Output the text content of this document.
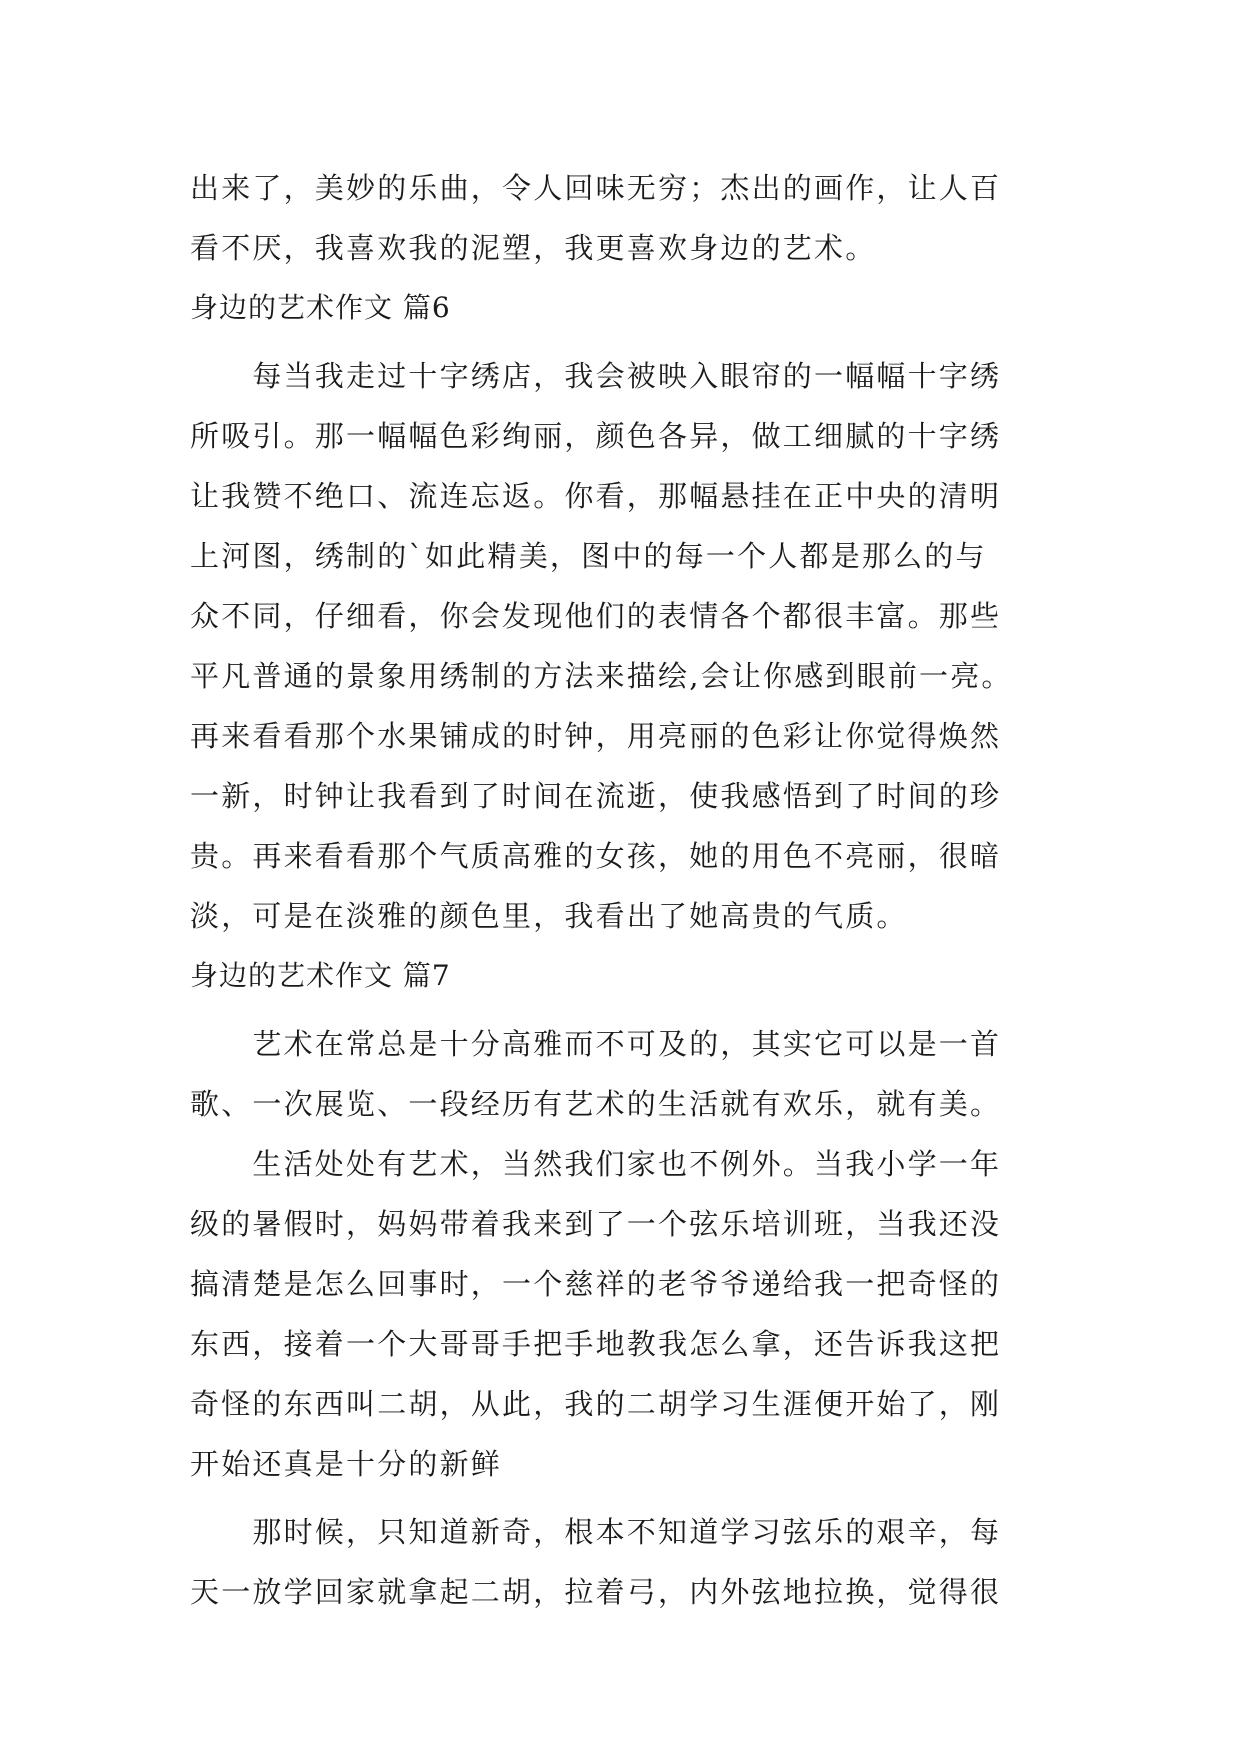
出来了，美妙的乐曲，令人回味无穷；杰出的画作，让人百
看不厌，我喜欢我的泥塑，我更喜欢身边的艺术。
身边的艺术作文 篇6
　　每当我走过十字绣店，我会被映入眼帘的一幅幅十字绣
所吸引。那一幅幅色彩绚丽，颜色各异，做工细腻的十字绣
让我赞不绝口、流连忘返。你看，那幅悬挂在正中央的清明
上河图，绣制的`如此精美，图中的每一个人都是那么的与
众不同，仔细看，你会发现他们的表情各个都很丰富。那些
平凡普通的景象用绣制的方法来描绘,会让你感到眼前一亮。
再来看看那个水果铺成的时钟，用亮丽的色彩让你觉得焕然
一新，时钟让我看到了时间在流逝，使我感悟到了时间的珍
贵。再来看看那个气质高雅的女孩，她的用色不亮丽，很暗
淡，可是在淡雅的颜色里，我看出了她高贵的气质。
身边的艺术作文 篇7
　　艺术在常总是十分高雅而不可及的，其实它可以是一首
歌、一次展览、一段经历有艺术的生活就有欢乐，就有美。
　　生活处处有艺术，当然我们家也不例外。当我小学一年
级的暑假时，妈妈带着我来到了一个弦乐培训班，当我还没
搞清楚是怎么回事时，一个慈祥的老爷爷递给我一把奇怪的
东西，接着一个大哥哥手把手地教我怎么拿，还告诉我这把
奇怪的东西叫二胡，从此，我的二胡学习生涯便开始了，刚
开始还真是十分的新鲜
　　那时候，只知道新奇，根本不知道学习弦乐的艰辛，每
天一放学回家就拿起二胡，拉着弓，内外弦地拉换，觉得很
